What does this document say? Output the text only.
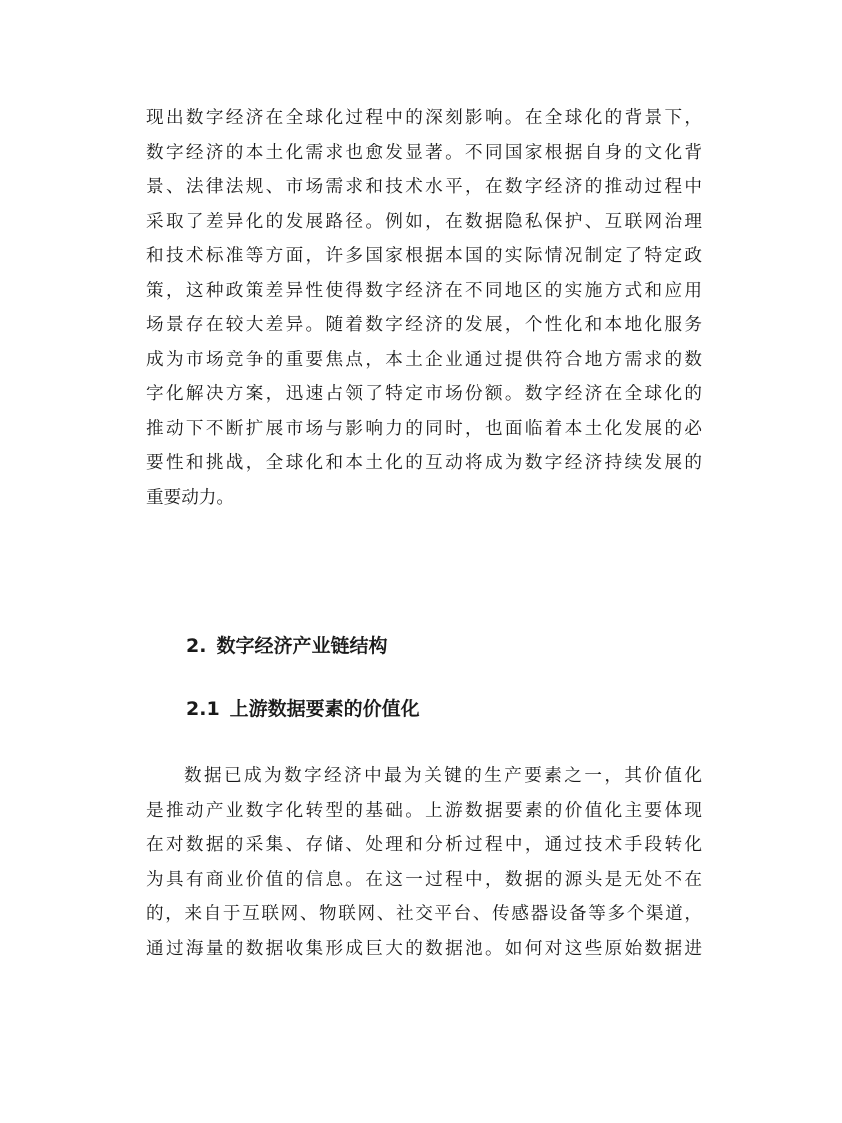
现出数字经济在全球化过程中的深刻影响。在全球化的背景下，
数字经济的本土化需求也愈发显著。不同国家根据自身的文化背
景、法律法规、市场需求和技术水平，在数字经济的推动过程中
采取了差异化的发展路径。例如，在数据隐私保护、互联网治理
和技术标准等方面，许多国家根据本国的实际情况制定了特定政
策，这种政策差异性使得数字经济在不同地区的实施方式和应用
场景存在较大差异。随着数字经济的发展，个性化和本地化服务
成为市场竞争的重要焦点，本土企业通过提供符合地方需求的数
字化解决方案，迅速占领了特定市场份额。数字经济在全球化的
推动下不断扩展市场与影响力的同时，也面临着本土化发展的必
要性和挑战，全球化和本土化的互动将成为数字经济持续发展的
重要动力。
2. 数字经济产业链结构
2.1 上游数据要素的价值化
数据已成为数字经济中最为关键的生产要素之一，其价值化
是推动产业数字化转型的基础。上游数据要素的价值化主要体现
在对数据的采集、存储、处理和分析过程中，通过技术手段转化
为具有商业价值的信息。在这一过程中，数据的源头是无处不在
的，来自于互联网、物联网、社交平台、传感器设备等多个渠道，
通过海量的数据收集形成巨大的数据池。如何对这些原始数据进
